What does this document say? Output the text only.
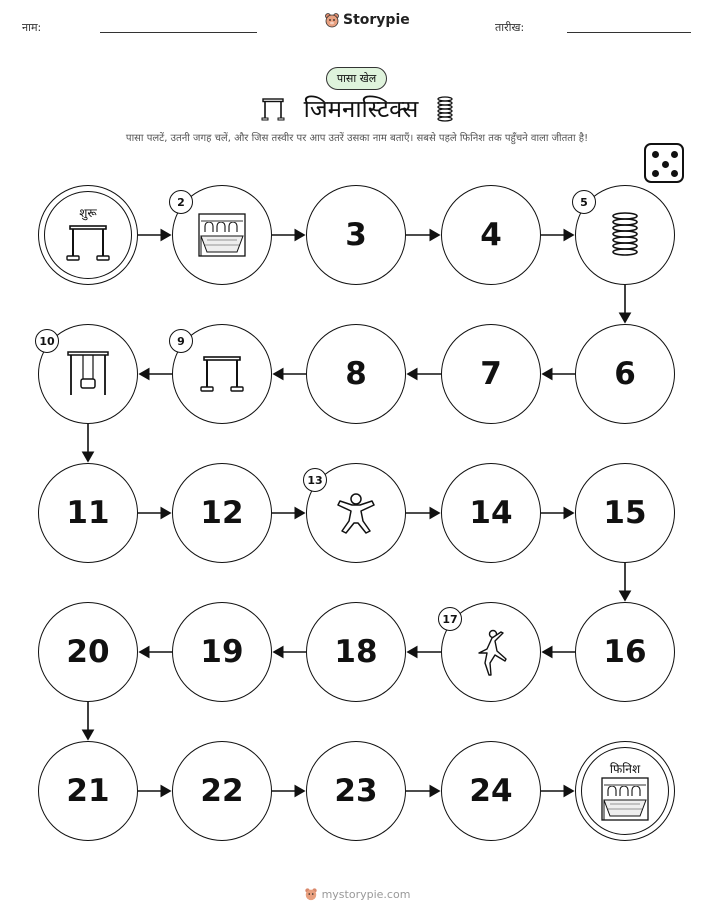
नाम:	Storypie	तारीख:
पासा खेल
जिमनास्टिक्स
पासा पलटें, उतनी जगह चलें, और जिस तस्वीर पर आप उतरें उसका नाम बताएँ। सबसे पहले फिनिश तक पहुँचने वाला जीतता है!
शुरू
2
3	4
5
6
7
8
9
10
11	12
13
14	15
16
17
18
19
20
21	22	23	24
फिनिश
mystorypie.com
